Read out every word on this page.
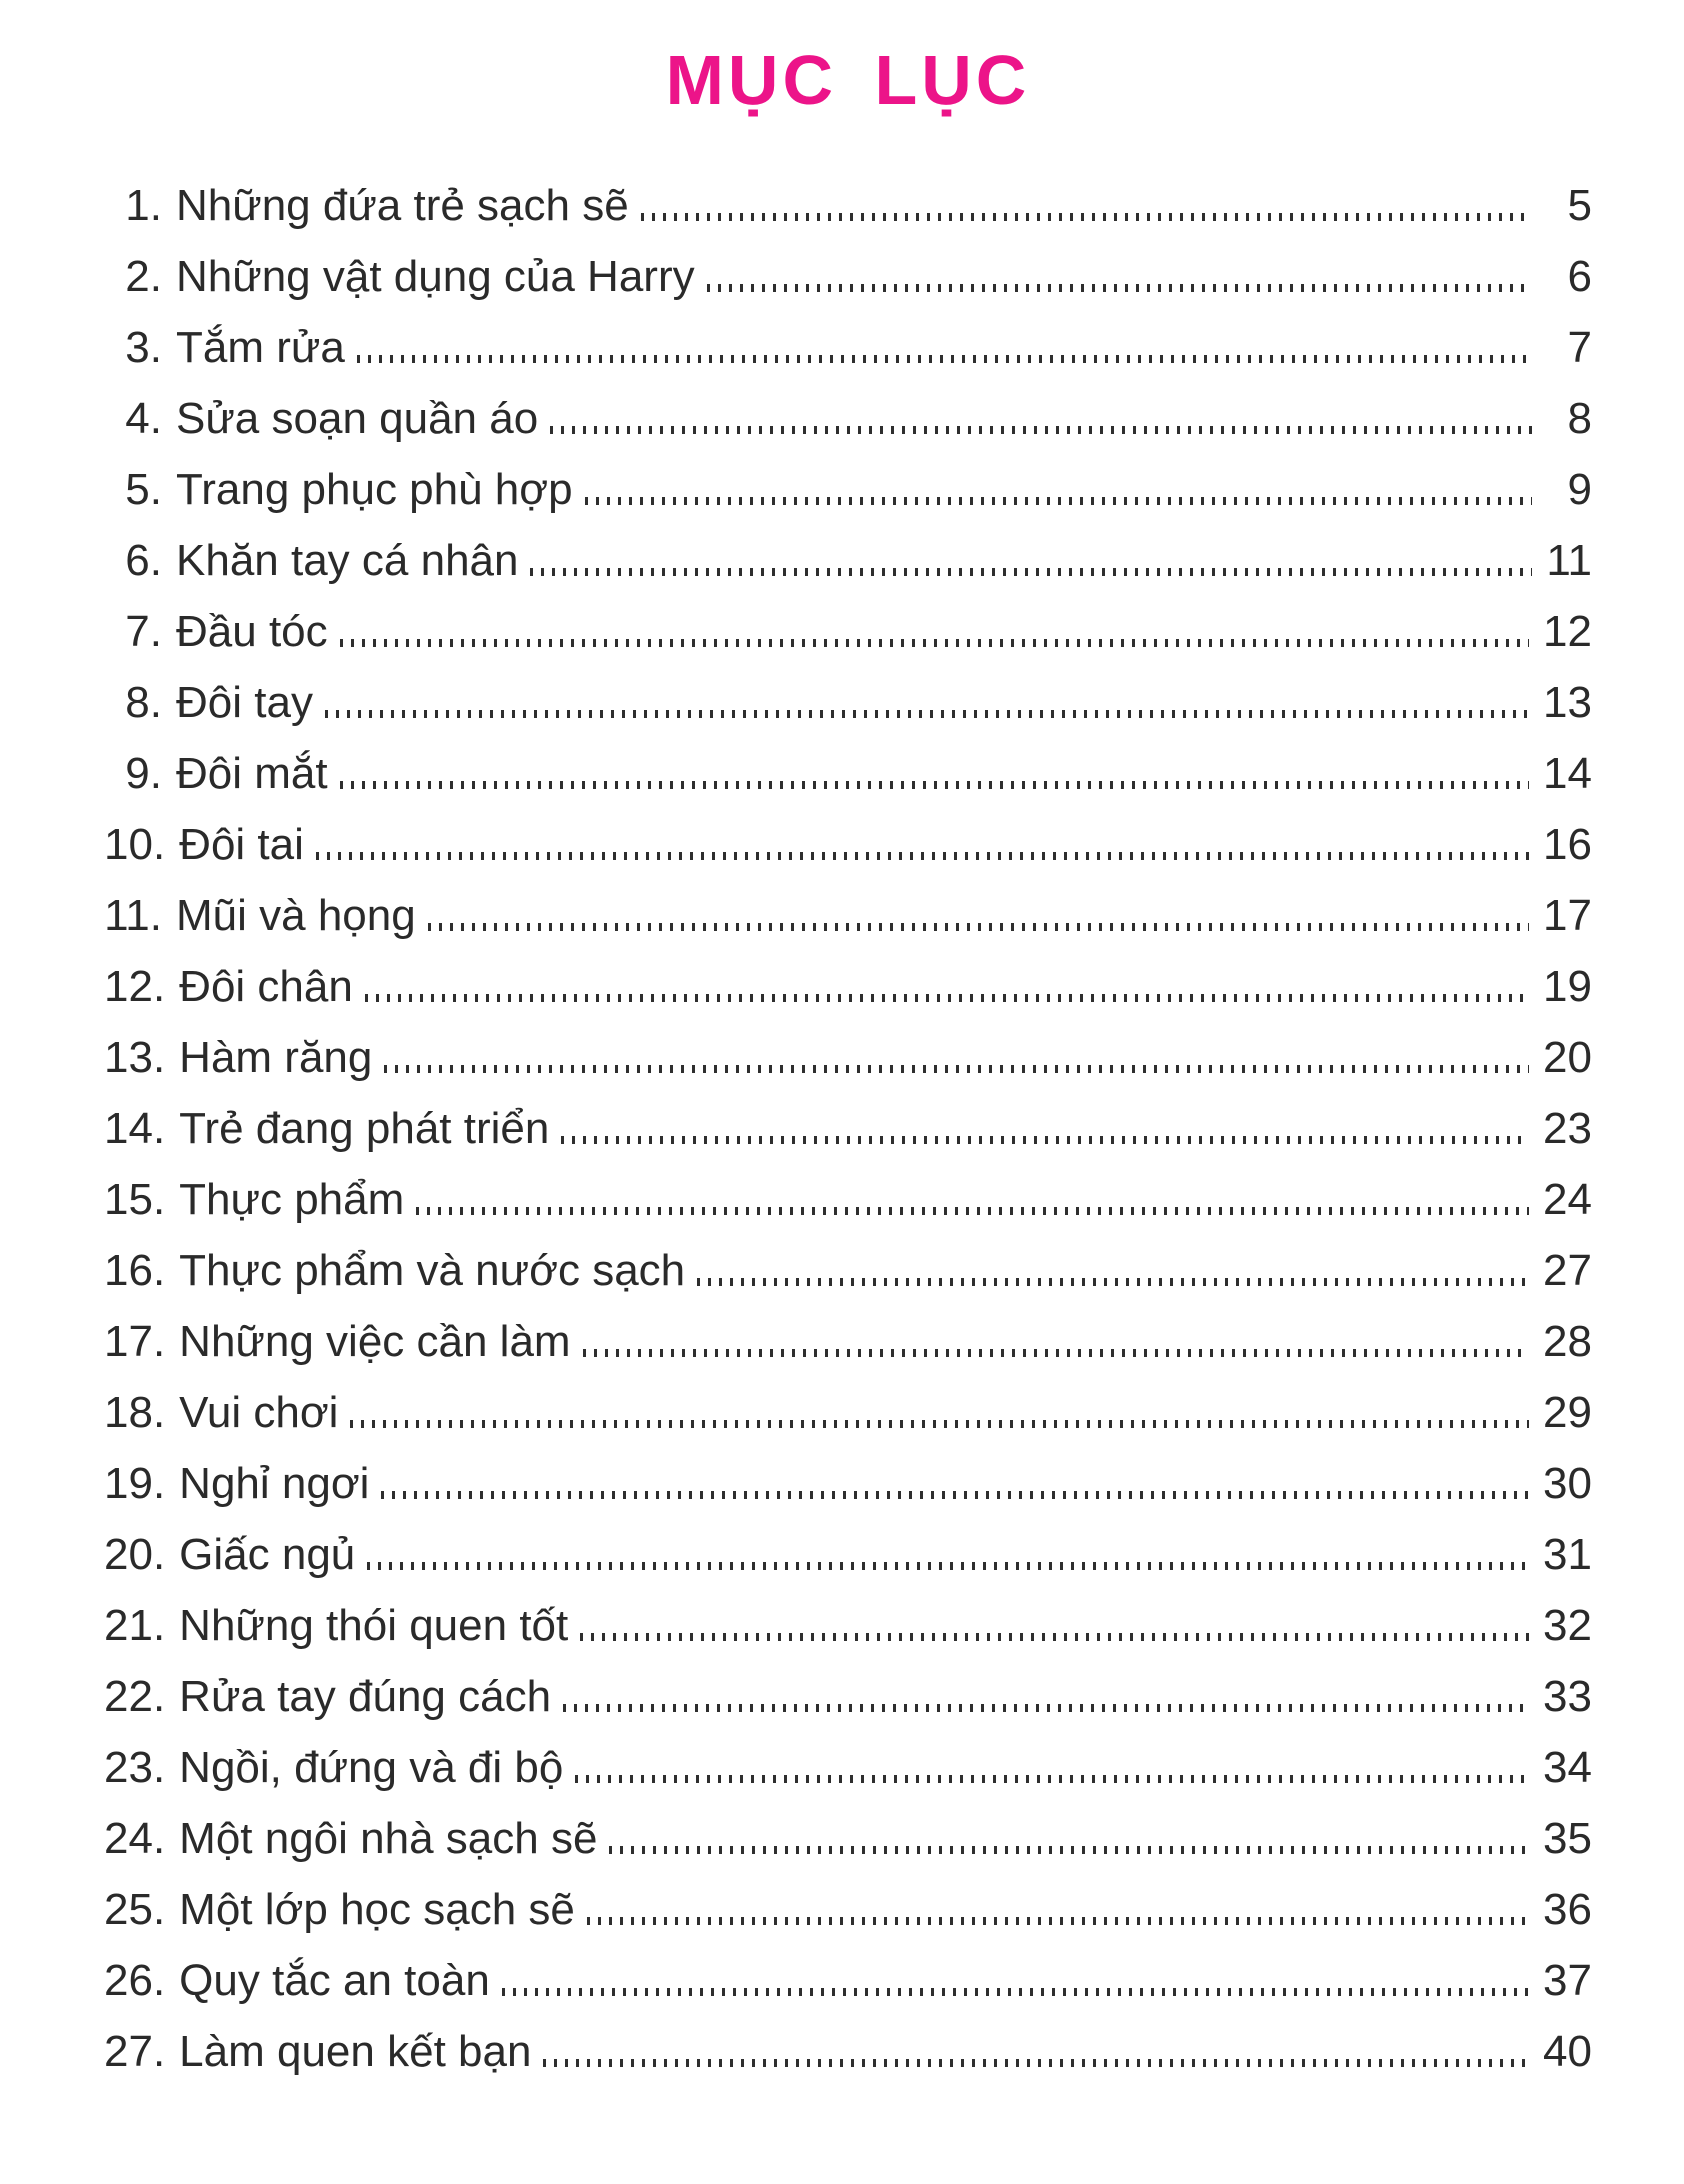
MỤC LỤC
1. Những đứa trẻ sạch sẽ	5
2. Những vật dụng của Harry	6
3. Tắm rửa	7
4. Sửa soạn quần áo	8
5. Trang phục phù hợp	9
6. Khăn tay cá nhân	11
7. Đầu tóc	12
8. Đôi tay	13
9. Đôi mắt	14
10. Đôi tai	16
11. Mũi và họng	17
12. Đôi chân	19
13. Hàm răng	20
14. Trẻ đang phát triển	23
15. Thực phẩm	24
16. Thực phẩm và nước sạch	27
17. Những việc cần làm	28
18. Vui chơi	29
19. Nghỉ ngơi	30
20. Giấc ngủ	31
21. Những thói quen tốt	32
22. Rửa tay đúng cách	33
23. Ngồi, đứng và đi bộ	34
24. Một ngôi nhà sạch sẽ	35
25. Một lớp học sạch sẽ	36
26. Quy tắc an toàn	37
27. Làm quen kết bạn	40
